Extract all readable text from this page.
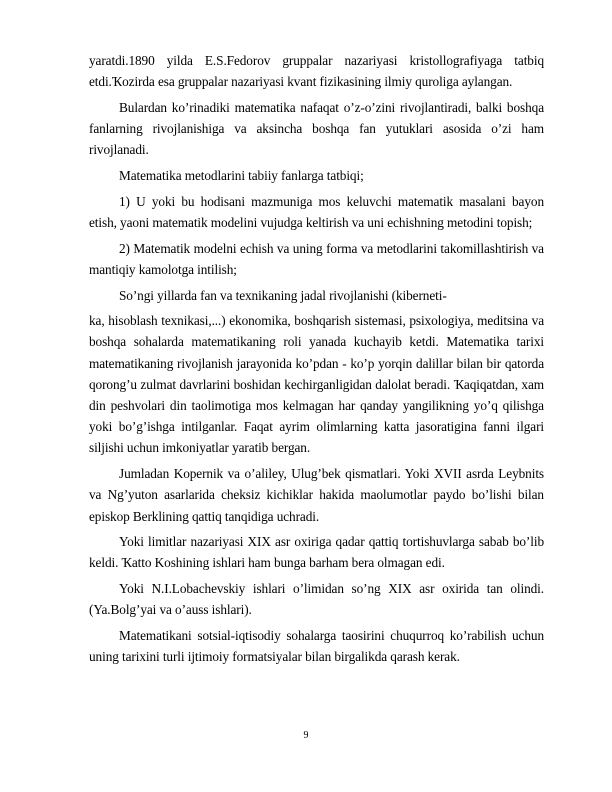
yaratdi.1890 yilda E.S.Fedorov gruppalar nazariyasi kristollografiyaga tatbiq etdi.Ҡozirda esa gruppalar nazariyasi kvant fizikasining ilmiy quroliga aylangan.

Bulardan ko’rinadiki matematika nafaqat o’z-o’zini rivojlantiradi, balki boshqa fanlarning rivojlanishiga va aksincha boshqa fan yutuklari asosida o’zi ham rivojlanadi.

Matematika metodlarini tabiiy fanlarga tatbiqi;

1) U yoki bu hodisani mazmuniga mos keluvchi matematik masalani bayon etish, yaoni matematik modelini vujudga keltirish va uni echishning metodini topish;

2) Matematik modelni echish va uning forma va metodlarini takomillashtirish va mantiqiy kamolotga intilish;

So’ngi yillarda fan va texnikaning jadal rivojlanishi (kiberneti-

ka, hisoblash texnikasi,...) ekonomika, boshqarish sistemasi, psixologiya, meditsina va boshqa sohalarda matematikaning roli yanada kuchayib ketdi. Matematika tarixi matematikaning rivojlanish jarayonida ko’pdan - ko’p yorqin dalillar bilan bir qatorda qorong’u zulmat davrlarini boshidan kechirganligidan dalolat beradi. Ҡaqiqatdan, xam din peshvolari din taolimotiga mos kelmagan har qanday yangilikning yo’q qilishga yoki bo’g’ishga intilganlar. Faqat ayrim olimlarning katta jasoratigina fanni ilgari siljishi uchun imkoniyatlar yaratib bergan.

Jumladan Kopernik va o’aliley, Ulug’bek qismatlari. Yoki XVII asrda Leybnits va Ng’yuton asarlarida cheksiz kichiklar hakida maolumotlar paydo bo’lishi bilan episkop Berklining qattiq tanqidiga uchradi.

Yoki limitlar nazariyasi XIX asr oxiriga qadar qattiq tortishuvlarga sabab bo’lib keldi. Ҡatto Koshining ishlari ham bunga barham bera olmagan edi.

Yoki N.I.Lobachevskiy ishlari o’limidan so’ng XIX asr oxirida tan olindi. (Ya.Bolg’yai va o’auss ishlari).

Matematikani sotsial-iqtisodiy sohalarga taosirini chuqurroq ko’rabilish uchun uning tarixini turli ijtimoiy formatsiyalar bilan birgalikda qarash kerak.

9
